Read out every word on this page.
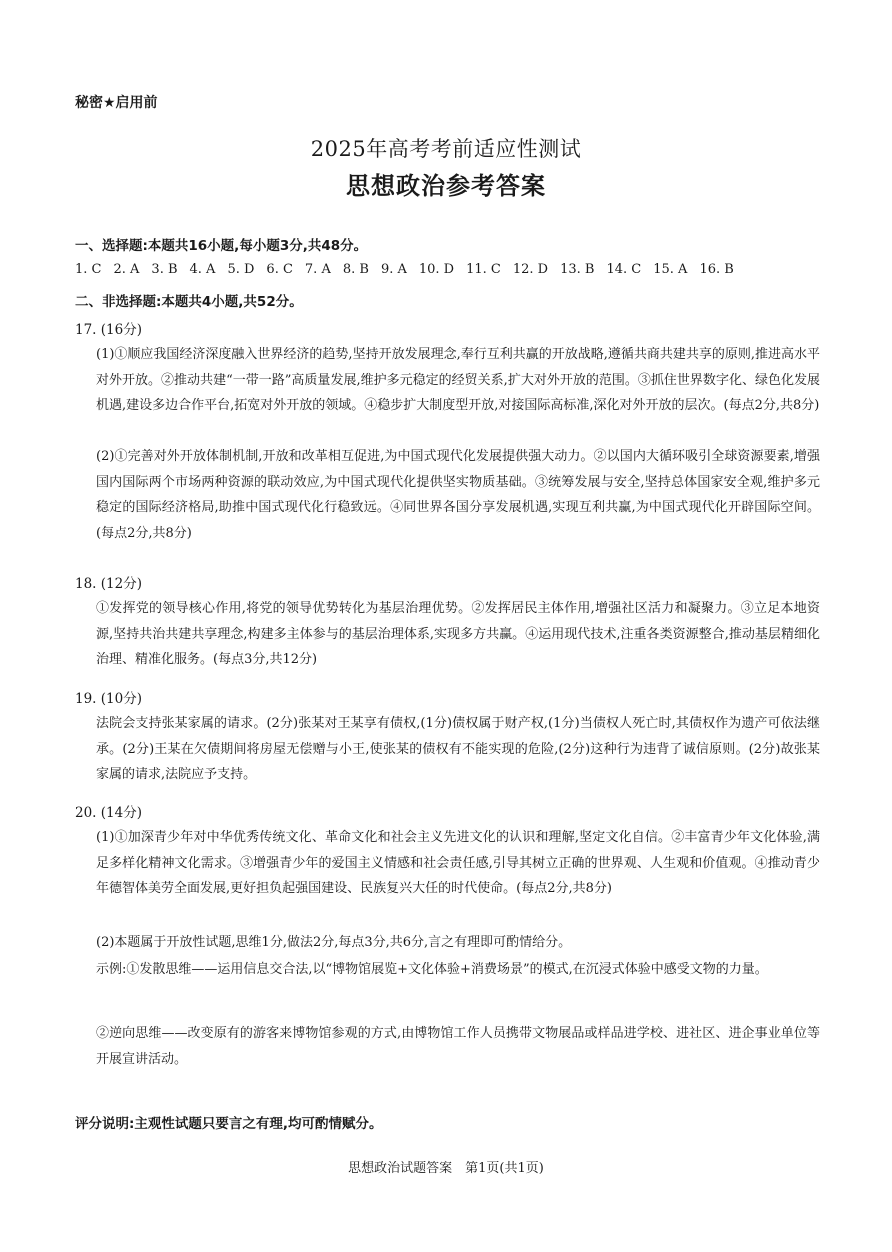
秘密★启用前
2025年高考考前适应性测试
思想政治参考答案
一、选择题:本题共16小题,每小题3分,共48分。
1. C 2. A 3. B 4. A 5. D 6. C 7. A 8. B 9. A 10. D 11. C 12. D 13. B 14. C 15. A 16. B
二、非选择题:本题共4小题,共52分。
17. (16分)
(1)①顺应我国经济深度融入世界经济的趋势,坚持开放发展理念,奉行互利共赢的开放战略,遵循共商共建共享的原则,推进高水平对外开放。②推动共建“一带一路”高质量发展,维护多元稳定的经贸关系,扩大对外开放的范围。③抓住世界数字化、绿色化发展机遇,建设多边合作平台,拓宽对外开放的领域。④稳步扩大制度型开放,对接国际高标准,深化对外开放的层次。(每点2分,共8分)
(2)①完善对外开放体制机制,开放和改革相互促进,为中国式现代化发展提供强大动力。②以国内大循环吸引全球资源要素,增强国内国际两个市场两种资源的联动效应,为中国式现代化提供坚实物质基础。③统筹发展与安全,坚持总体国家安全观,维护多元稳定的国际经济格局,助推中国式现代化行稳致远。④同世界各国分享发展机遇,实现互利共赢,为中国式现代化开辟国际空间。(每点2分,共8分)
18. (12分)
①发挥党的领导核心作用,将党的领导优势转化为基层治理优势。②发挥居民主体作用,增强社区活力和凝聚力。③立足本地资源,坚持共治共建共享理念,构建多主体参与的基层治理体系,实现多方共赢。④运用现代技术,注重各类资源整合,推动基层精细化治理、精准化服务。(每点3分,共12分)
19. (10分)
法院会支持张某家属的请求。(2分)张某对王某享有债权,(1分)债权属于财产权,(1分)当债权人死亡时,其债权作为遗产可依法继承。(2分)王某在欠债期间将房屋无偿赠与小王,使张某的债权有不能实现的危险,(2分)这种行为违背了诚信原则。(2分)故张某家属的请求,法院应予支持。
20. (14分)
(1)①加深青少年对中华优秀传统文化、革命文化和社会主义先进文化的认识和理解,坚定文化自信。②丰富青少年文化体验,满足多样化精神文化需求。③增强青少年的爱国主义情感和社会责任感,引导其树立正确的世界观、人生观和价值观。④推动青少年德智体美劳全面发展,更好担负起强国建设、民族复兴大任的时代使命。(每点2分,共8分)
(2)本题属于开放性试题,思维1分,做法2分,每点3分,共6分,言之有理即可酌情给分。
示例:①发散思维——运用信息交合法,以“博物馆展览+文化体验+消费场景”的模式,在沉浸式体验中感受文物的力量。
②逆向思维——改变原有的游客来博物馆参观的方式,由博物馆工作人员携带文物展品或样品进学校、进社区、进企事业单位等开展宣讲活动。
评分说明:主观性试题只要言之有理,均可酌情赋分。
思想政治试题答案　第1页(共1页)
